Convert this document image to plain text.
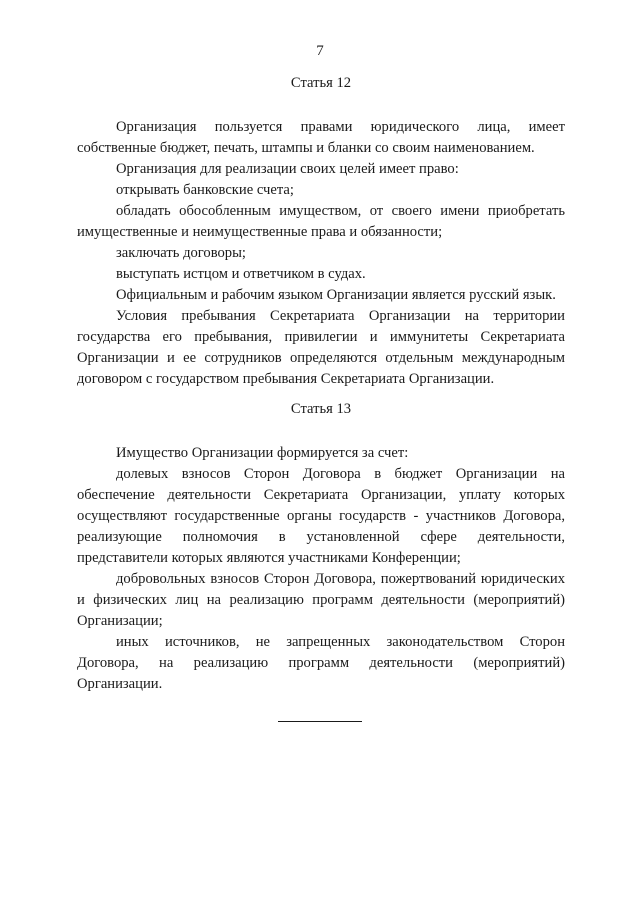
7
Статья 12

Организация пользуется правами юридического лица, имеет собственные бюджет, печать, штампы и бланки со своим наименованием.

Организация для реализации своих целей имеет право:

открывать банковские счета;

обладать обособленным имуществом, от своего имени приобретать имущественные и неимущественные права и обязанности;

заключать договоры;

выступать истцом и ответчиком в судах.

Официальным и рабочим языком Организации является русский язык.

Условия пребывания Секретариата Организации на территории государства его пребывания, привилегии и иммунитеты Секретариата Организации и ее сотрудников определяются отдельным международным договором с государством пребывания Секретариата Организации.

Статья 13

Имущество Организации формируется за счет:

долевых взносов Сторон Договора в бюджет Организации на обеспечение деятельности Секретариата Организации, уплату которых осуществляют государственные органы государств - участников Договора, реализующие полномочия в установленной сфере деятельности, представители которых являются участниками Конференции;

добровольных взносов Сторон Договора, пожертвований юридических и физических лиц на реализацию программ деятельности (мероприятий) Организации;

иных источников, не запрещенных законодательством Сторон Договора, на реализацию программ деятельности (мероприятий) Организации.
